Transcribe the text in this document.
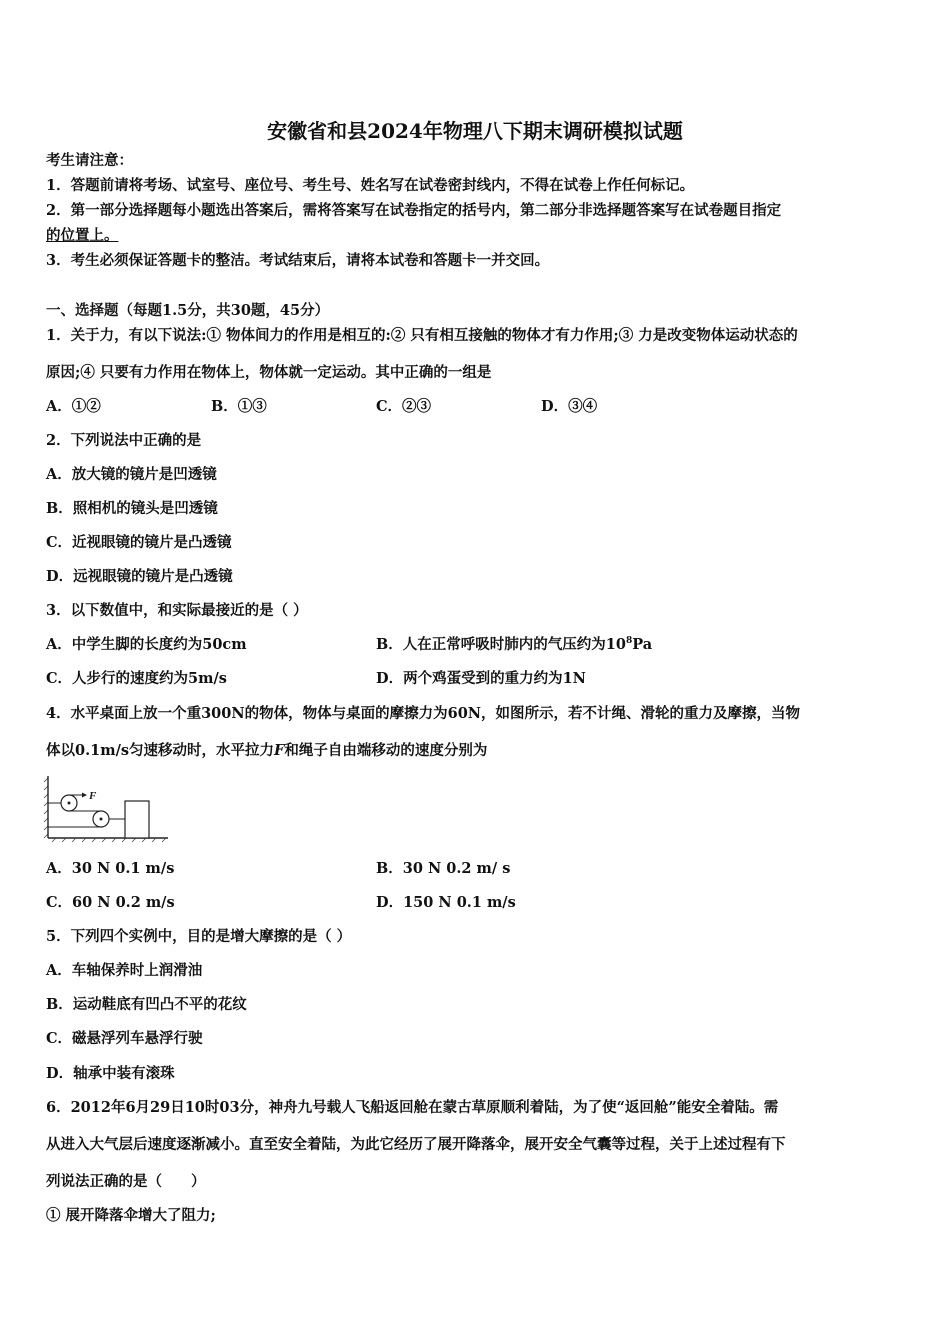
安徽省和县2024年物理八下期末调研模拟试题
考生请注意：
1．答题前请将考场、试室号、座位号、考生号、姓名写在试卷密封线内，不得在试卷上作任何标记。
2．第一部分选择题每小题选出答案后，需将答案写在试卷指定的括号内，第二部分非选择题答案写在试卷题目指定
的位置上。
3．考生必须保证答题卡的整洁。考试结束后，请将本试卷和答题卡一并交回。
一、选择题（每题1.5分，共30题，45分）
1．关于力，有以下说法:① 物体间力的作用是相互的:② 只有相互接触的物体才有力作用;③ 力是改变物体运动状态的
原因;④ 只要有力作用在物体上，物体就一定运动。其中正确的一组是
A．①②	B．①③	C．②③	D．③④
2．下列说法中正确的是
A．放大镜的镜片是凹透镜
B．照相机的镜头是凹透镜
C．近视眼镜的镜片是凸透镜
D．远视眼镜的镜片是凸透镜
3．以下数值中，和实际最接近的是（ ）
A．中学生脚的长度约为50cm	B．人在正常呼吸时肺内的气压约为$10^8Pa$
C．人步行的速度约为5m/s	D．两个鸡蛋受到的重力约为1N
4．水平桌面上放一个重300N的物体，物体与桌面的摩擦力为60N，如图所示，若不计绳、滑轮的重力及摩擦，当物
体以0.1m/s匀速移动时，水平拉力F和绳子自由端移动的速度分别为
F
A．30 N 0.1 m/s	B．30 N 0.2 m/ s
C．60 N 0.2 m/s	D．150 N 0.1 m/s
5．下列四个实例中，目的是增大摩擦的是（ ）
A．车轴保养时上润滑油
B．运动鞋底有凹凸不平的花纹
C．磁悬浮列车悬浮行驶
D．轴承中装有滚珠
6．2012年6月29日10时03分，神舟九号载人飞船返回舱在蒙古草原顺利着陆，为了使“返回舱”能安全着陆。需
从进入大气层后速度逐渐减小。直至安全着陆，为此它经历了展开降落伞，展开安全气囊等过程，关于上述过程有下
列说法正确的是（　　）
① 展开降落伞增大了阻力;
